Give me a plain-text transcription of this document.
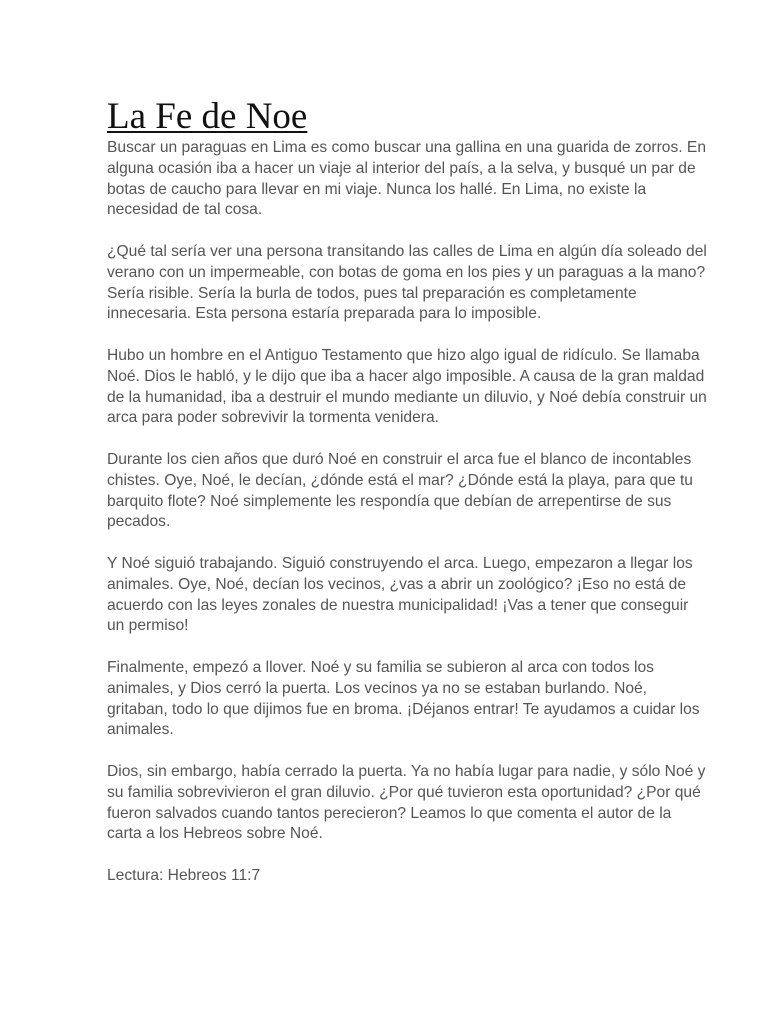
La Fe de Noe

Buscar un paraguas en Lima es como buscar una gallina en una guarida de zorros. En alguna ocasión iba a hacer un viaje al interior del país, a la selva, y busqué un par de botas de caucho para llevar en mi viaje. Nunca los hallé. En Lima, no existe la necesidad de tal cosa.

¿Qué tal sería ver una persona transitando las calles de Lima en algún día soleado del verano con un impermeable, con botas de goma en los pies y un paraguas a la mano? Sería risible. Sería la burla de todos, pues tal preparación es completamente innecesaria. Esta persona estaría preparada para lo imposible.

Hubo un hombre en el Antiguo Testamento que hizo algo igual de ridículo. Se llamaba Noé. Dios le habló, y le dijo que iba a hacer algo imposible. A causa de la gran maldad de la humanidad, iba a destruir el mundo mediante un diluvio, y Noé debía construir un arca para poder sobrevivir la tormenta venidera.

Durante los cien años que duró Noé en construir el arca fue el blanco de incontables chistes. Oye, Noé, le decían, ¿dónde está el mar? ¿Dónde está la playa, para que tu barquito flote? Noé simplemente les respondía que debían de arrepentirse de sus pecados.

Y Noé siguió trabajando. Siguió construyendo el arca. Luego, empezaron a llegar los animales. Oye, Noé, decían los vecinos, ¿vas a abrir un zoológico? ¡Eso no está de acuerdo con las leyes zonales de nuestra municipalidad! ¡Vas a tener que conseguir un permiso!

Finalmente, empezó a llover. Noé y su familia se subieron al arca con todos los animales, y Dios cerró la puerta. Los vecinos ya no se estaban burlando. Noé, gritaban, todo lo que dijimos fue en broma. ¡Déjanos entrar! Te ayudamos a cuidar los animales.

Dios, sin embargo, había cerrado la puerta. Ya no había lugar para nadie, y sólo Noé y su familia sobrevivieron el gran diluvio. ¿Por qué tuvieron esta oportunidad? ¿Por qué fueron salvados cuando tantos perecieron? Leamos lo que comenta el autor de la carta a los Hebreos sobre Noé.

Lectura: Hebreos 11:7
